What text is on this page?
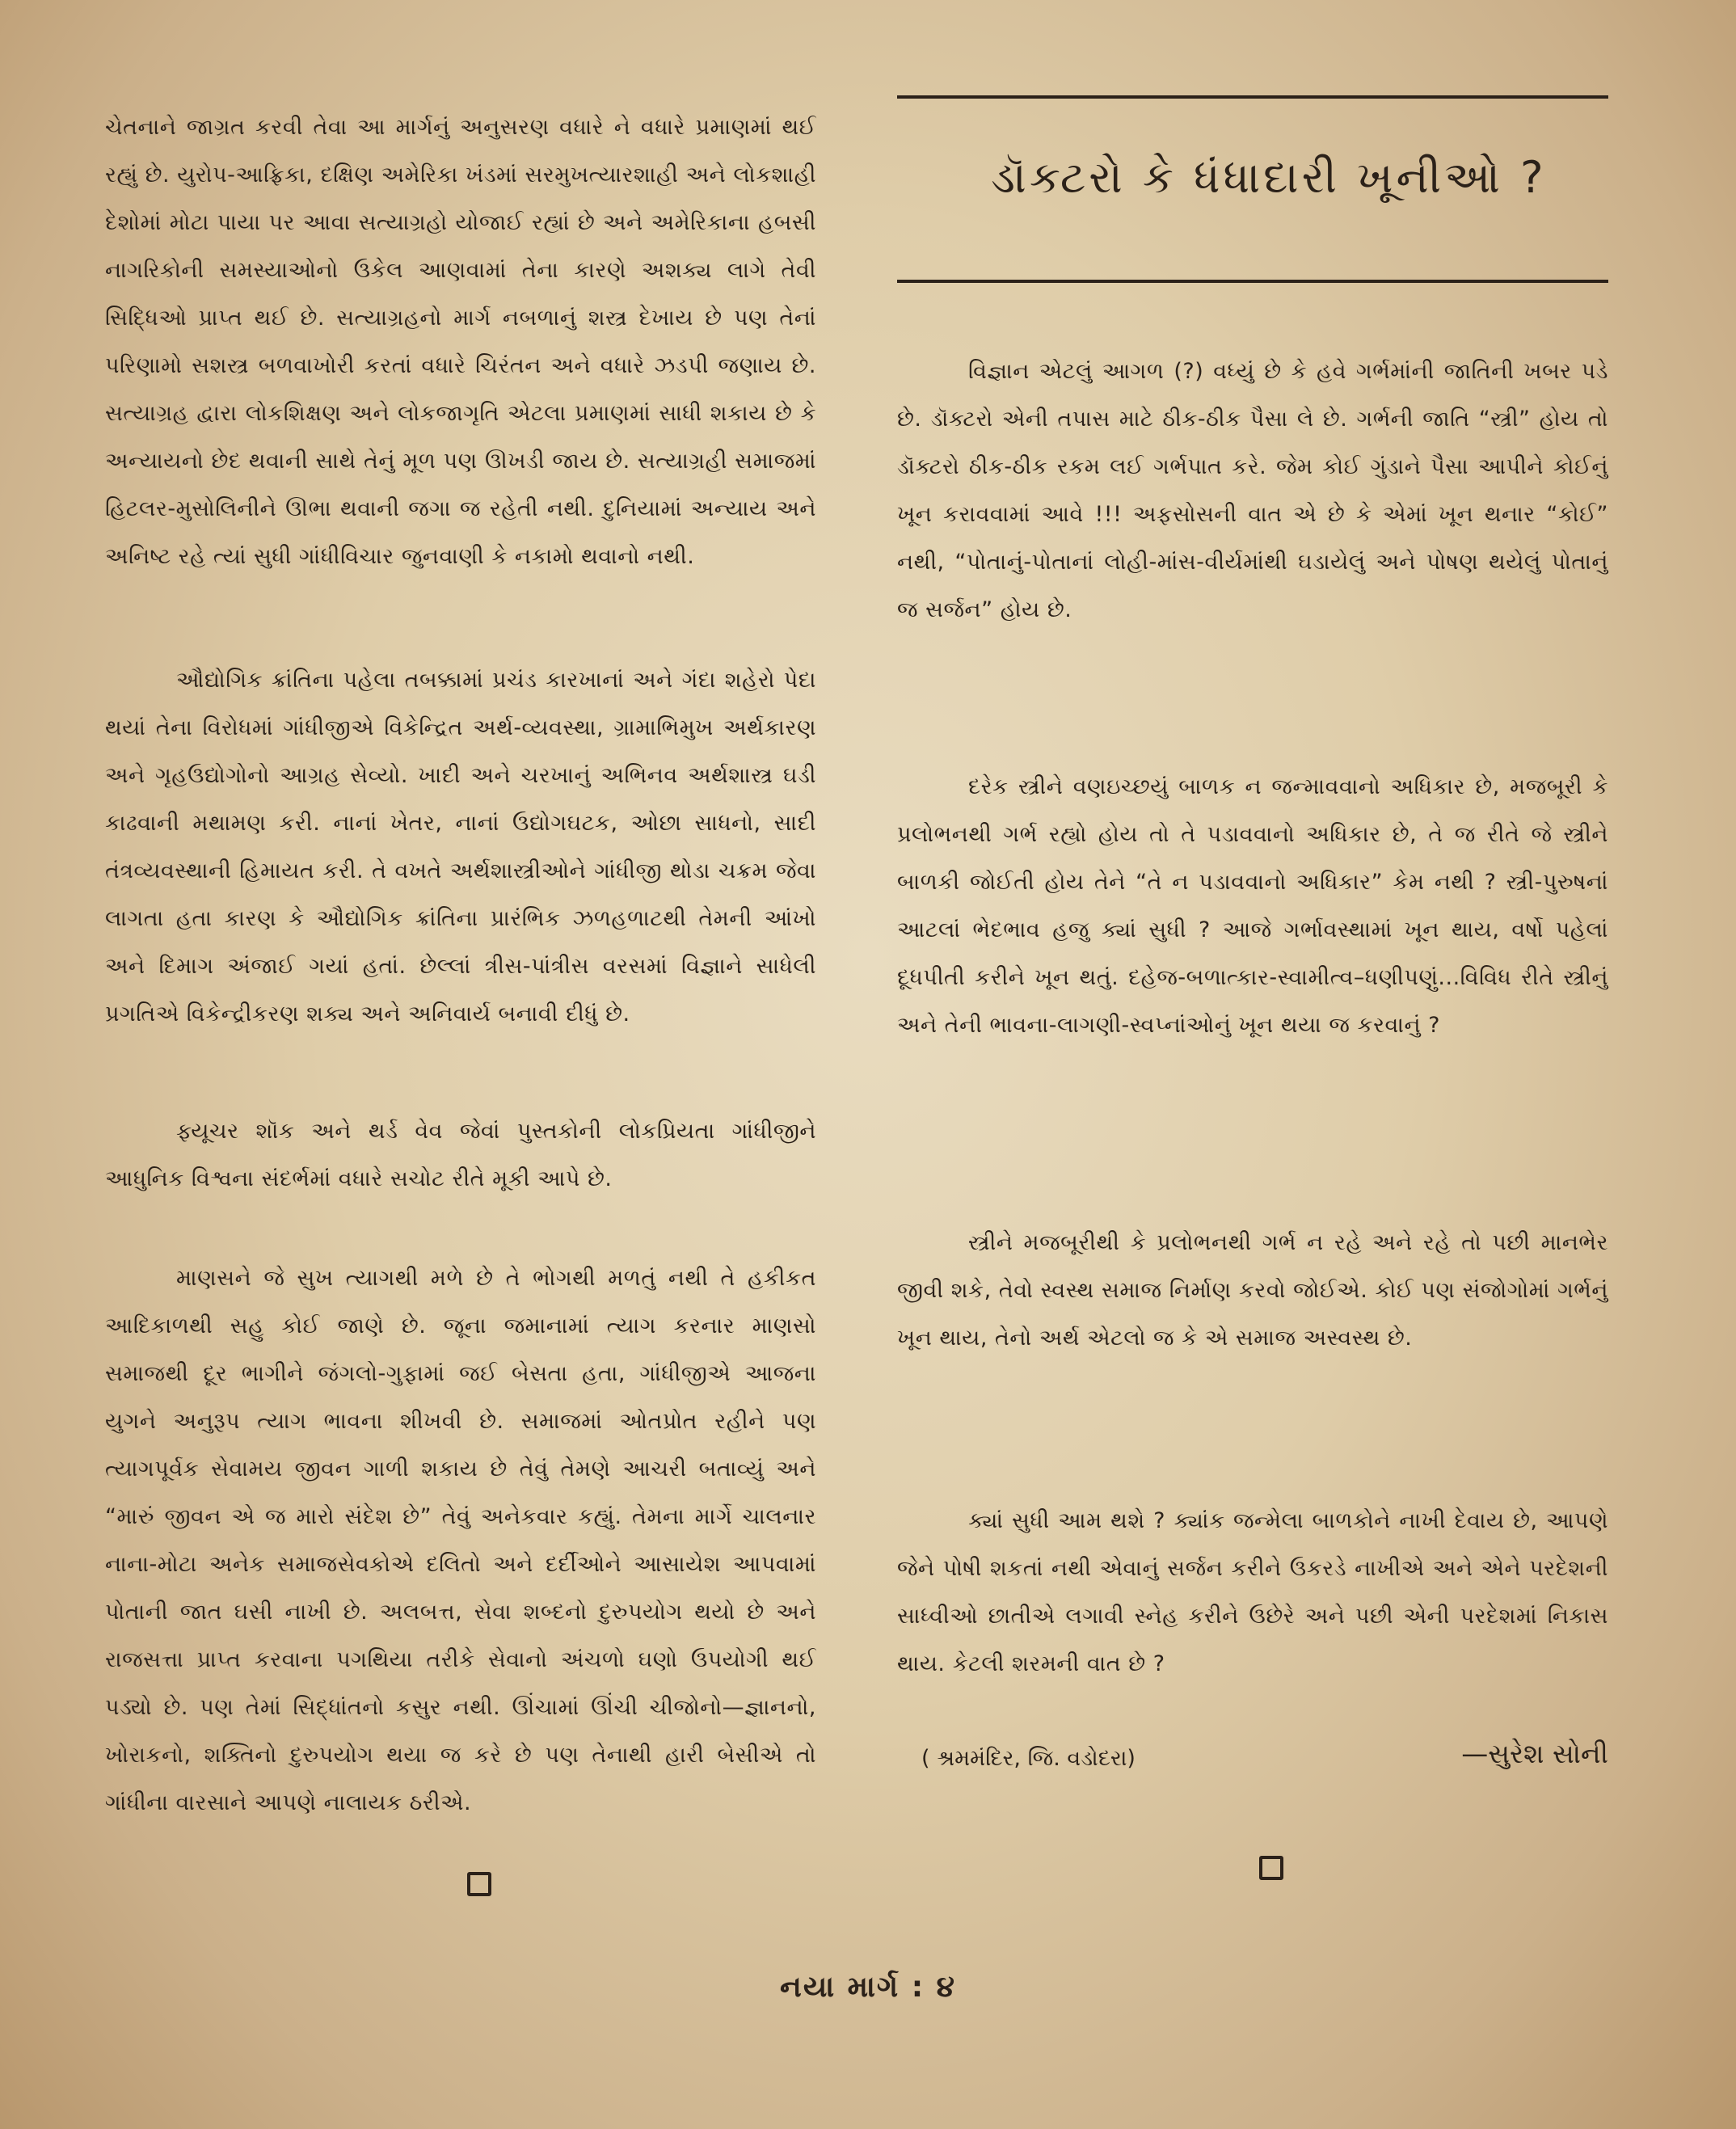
ચેતનાને જાગ્રત કરવી તેવા આ માર્ગનું અનુસરણ વધારે ને વધારે પ્રમાણમાં થઈ રહ્યું છે. યુરોપ-આફ્રિકા, દક્ષિણ અમેરિકા ખંડમાં સરમુખત્યારશાહી અને લોકશાહી દેશોમાં મોટા પાયા પર આવા સત્યાગ્રહો યોજાઈ રહ્યાં છે અને અમેરિકાના હબસી નાગરિકોની સમસ્યાઓનો ઉકેલ આણવામાં તેના કારણે અશક્ય લાગે તેવી સિદ્ધિઓ પ્રાપ્ત થઈ છે. સત્યાગ્રહનો માર્ગ નબળાનું શસ્ત્ર દેખાય છે પણ તેનાં પરિણામો સશસ્ત્ર બળવાખોરી કરતાં વધારે ચિરંતન અને વધારે ઝડપી જણાય છે. સત્યાગ્રહ દ્વારા લોકશિક્ષણ અને લોકજાગૃતિ એટલા પ્રમાણમાં સાધી શકાય છે કે અન્યાયનો છેદ થવાની સાથે તેનું મૂળ પણ ઊખડી જાય છે. સત્યાગ્રહી સમાજમાં હિટલર-મુસોલિનીને ઊભા થવાની જગા જ રહેતી નથી. દુનિયામાં અન્યાય અને અનિષ્ટ રહે ત્યાં સુધી ગાંધીવિચાર જુનવાણી કે નકામો થવાનો નથી.

ઔદ્યોગિક ક્રાંતિના પહેલા તબક્કામાં પ્રચંડ કારખાનાં અને ગંદા શહેરો પેદા થયાં તેના વિરોધમાં ગાંધીજીએ વિકેન્દ્રિત અર્થ-વ્યવસ્થા, ગ્રામાભિમુખ અર્થકારણ અને ગૃહઉદ્યોગોનો આગ્રહ સેવ્યો. ખાદી અને ચરખાનું અભિનવ અર્થશાસ્ત્ર ઘડી કાઢવાની મથામણ કરી. નાનાં ખેતર, નાનાં ઉદ્યોગઘટક, ઓછા સાધનો, સાદી તંત્રવ્યવસ્થાની હિમાયત કરી. તે વખતે અર્થશાસ્ત્રીઓને ગાંધીજી થોડા ચક્રમ જેવા લાગતા હતા કારણ કે ઔદ્યોગિક ક્રાંતિના પ્રારંભિક ઝળહળાટથી તેમની આંખો અને દિમાગ અંજાઈ ગયાં હતાં. છેલ્લાં ત્રીસ-પાંત્રીસ વરસમાં વિજ્ઞાને સાધેલી પ્રગતિએ વિકેન્દ્રીકરણ શક્ય અને અનિવાર્ય બનાવી દીધું છે.

ફ્યૂચર શૉક અને થર્ડ વેવ જેવાં પુસ્તકોની લોકપ્રિયતા ગાંધીજીને આધુનિક વિશ્વના સંદર્ભમાં વધારે સચોટ રીતે મૂકી આપે છે.

માણસને જે સુખ ત્યાગથી મળે છે તે ભોગથી મળતું નથી તે હકીકત આદિકાળથી સહુ કોઈ જાણે છે. જૂના જમાનામાં ત્યાગ કરનાર માણસો સમાજથી દૂર ભાગીને જંગલો-ગુફામાં જઈ બેસતા હતા, ગાંધીજીએ આજના યુગને અનુરૂપ ત્યાગ ભાવના શીખવી છે. સમાજમાં ઓતપ્રોત રહીને પણ ત્યાગપૂર્વક સેવામય જીવન ગાળી શકાય છે તેવું તેમણે આચરી બતાવ્યું અને “મારું જીવન એ જ મારો સંદેશ છે” તેવું અનેકવાર કહ્યું. તેમના માર્ગે ચાલનાર નાના-મોટા અનેક સમાજસેવકોએ દલિતો અને દર્દીઓને આસાયેશ આપવામાં પોતાની જાત ઘસી નાખી છે. અલબત્ત, સેવા શબ્દનો દુરુપયોગ થયો છે અને રાજસત્તા પ્રાપ્ત કરવાના પગથિયા તરીકે સેવાનો અંચળો ઘણો ઉપયોગી થઈ પડ્યો છે. પણ તેમાં સિદ્ધાંતનો કસુર નથી. ઊંચામાં ઊંચી ચીજોનો—જ્ઞાનનો, ખોરાકનો, શક્તિનો દુરુપયોગ થયા જ કરે છે પણ તેનાથી હારી બેસીએ તો ગાંધીના વારસાને આપણે નાલાયક ઠરીએ.

ડૉક્ટરો કે ધંધાદારી ખૂનીઓ ?

વિજ્ઞાન એટલું આગળ (?) વધ્યું છે કે હવે ગર્ભમાંની જાતિની ખબર પડે છે. ડૉક્ટરો એની તપાસ માટે ઠીક-ઠીક પૈસા લે છે. ગર્ભની જાતિ “સ્ત્રી” હોય તો ડૉક્ટરો ઠીક-ઠીક રકમ લઈ ગર્ભપાત કરે. જેમ કોઈ ગુંડાને પૈસા આપીને કોઈનું ખૂન કરાવવામાં આવે !!! અફસોસની વાત એ છે કે એમાં ખૂન થનાર “કોઈ” નથી, “પોતાનું-પોતાનાં લોહી-માંસ-વીર્યમાંથી ઘડાયેલું અને પોષણ થયેલું પોતાનું જ સર્જન” હોય છે.

દરેક સ્ત્રીને વણઇચ્છયું બાળક ન જન્માવવાનો અધિકાર છે, મજબૂરી કે પ્રલોભનથી ગર્ભ રહ્યો હોય તો તે પડાવવાનો અધિકાર છે, તે જ રીતે જે સ્ત્રીને બાળકી જોઈતી હોય તેને “તે ન પડાવવાનો અધિકાર” કેમ નથી ? સ્ત્રી-પુરુષનાં આટલાં ભેદભાવ હજુ ક્યાં સુધી ? આજે ગર્ભાવસ્થામાં ખૂન થાય, વર્ષો પહેલાં દૂધપીતી કરીને ખૂન થતું. દહેજ-બળાત્કાર-સ્વામીત્વ–ધણીપણું...વિવિધ રીતે સ્ત્રીનું અને તેની ભાવના-લાગણી-સ્વપ્નાંઓનું ખૂન થયા જ કરવાનું ?

સ્ત્રીને મજબૂરીથી કે પ્રલોભનથી ગર્ભ ન રહે અને રહે તો પછી માનભેર જીવી શકે, તેવો સ્વસ્થ સમાજ નિર્માણ કરવો જોઈએ. કોઈ પણ સંજોગોમાં ગર્ભનું ખૂન થાય, તેનો અર્થ એટલો જ કે એ સમાજ અસ્વસ્થ છે.

ક્યાં સુધી આમ થશે ? ક્યાંક જન્મેલા બાળકોને નાખી દેવાય છે, આપણે જેને પોષી શકતાં નથી એવાનું સર્જન કરીને ઉકરડે નાખીએ અને એને પરદેશની સાધ્વીઓ છાતીએ લગાવી સ્નેહ કરીને ઉછેરે અને પછી એની પરદેશમાં નિકાસ થાય. કેટલી શરમની વાત છે ?

( શ્રમમંદિર, જિ. વડોદરા)	—સુરેશ સોની
નયા માર્ગ : ૪
